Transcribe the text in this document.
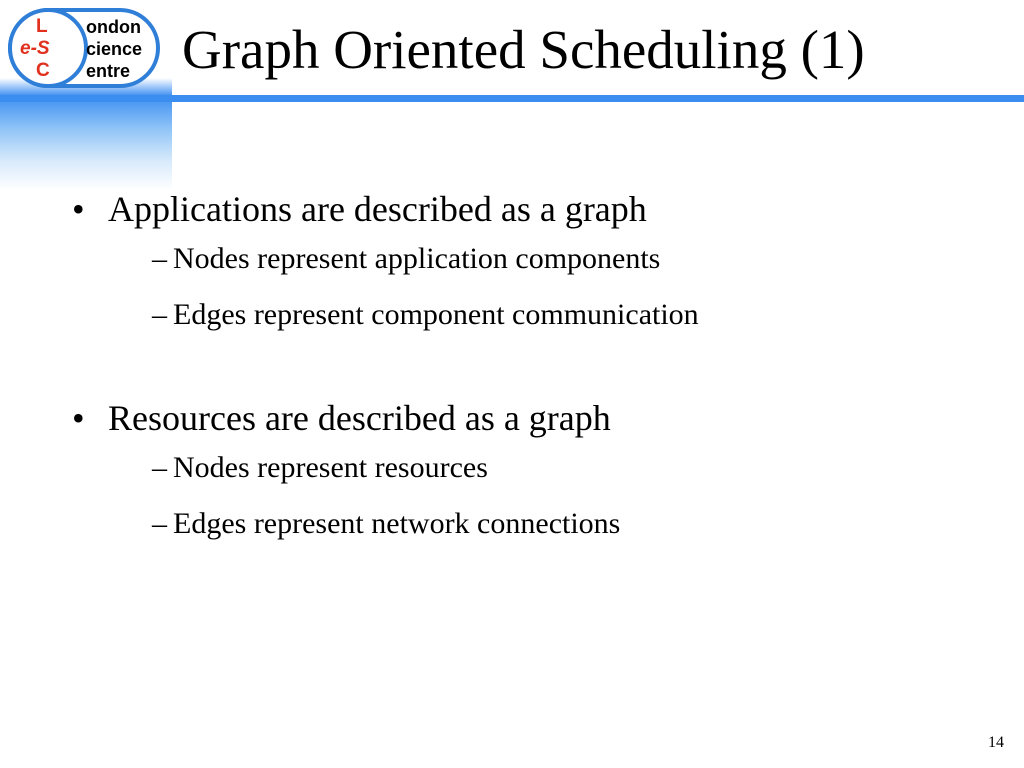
L
e-S
C
ondon
cience
entre Graph Oriented Scheduling (1)
• Applications are described as a graph
– Nodes represent application components
– Edges represent component communication
• Resources are described as a graph
– Nodes represent resources
– Edges represent network connections
14
